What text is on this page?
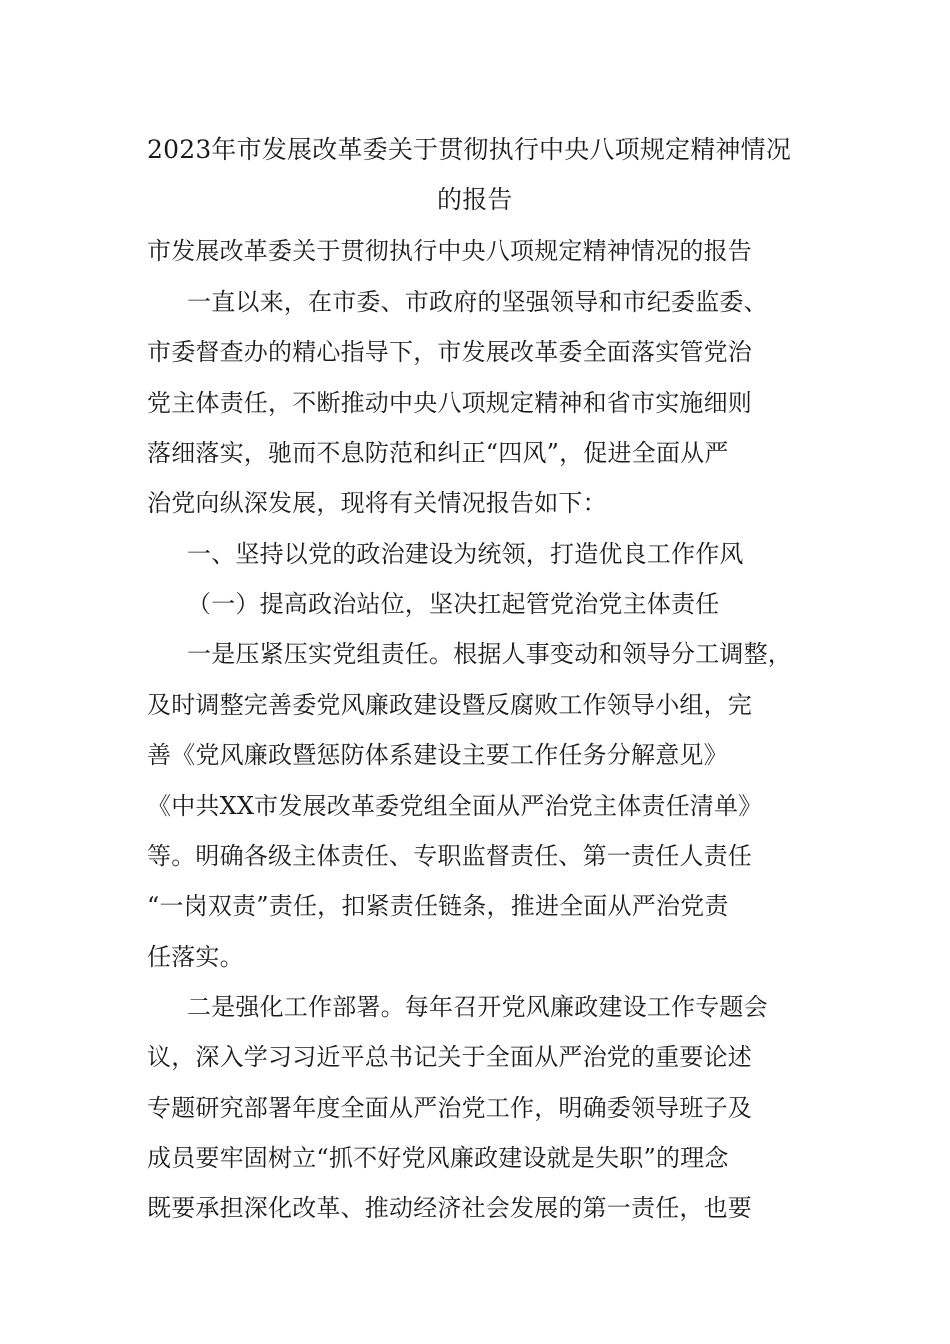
2023年市发展改革委关于贯彻执行中央八项规定精神情况
的报告
市发展改革委关于贯彻执行中央八项规定精神情况的报告
一直以来，在市委、市政府的坚强领导和市纪委监委、
市委督查办的精心指导下，市发展改革委全面落实管党治
党主体责任，不断推动中央八项规定精神和省市实施细则
落细落实，驰而不息防范和纠正“四风”，促进全面从严
治党向纵深发展，现将有关情况报告如下：
一、坚持以党的政治建设为统领，打造优良工作作风
（一）提高政治站位，坚决扛起管党治党主体责任
一是压紧压实党组责任。根据人事变动和领导分工调整，
及时调整完善委党风廉政建设暨反腐败工作领导小组，完
善《党风廉政暨惩防体系建设主要工作任务分解意见》
《中共XX市发展改革委党组全面从严治党主体责任清单》
等。明确各级主体责任、专职监督责任、第一责任人责任
“一岗双责”责任，扣紧责任链条，推进全面从严治党责
任落实。
二是强化工作部署。每年召开党风廉政建设工作专题会
议，深入学习习近平总书记关于全面从严治党的重要论述
专题研究部署年度全面从严治党工作，明确委领导班子及
成员要牢固树立“抓不好党风廉政建设就是失职”的理念
既要承担深化改革、推动经济社会发展的第一责任，也要
